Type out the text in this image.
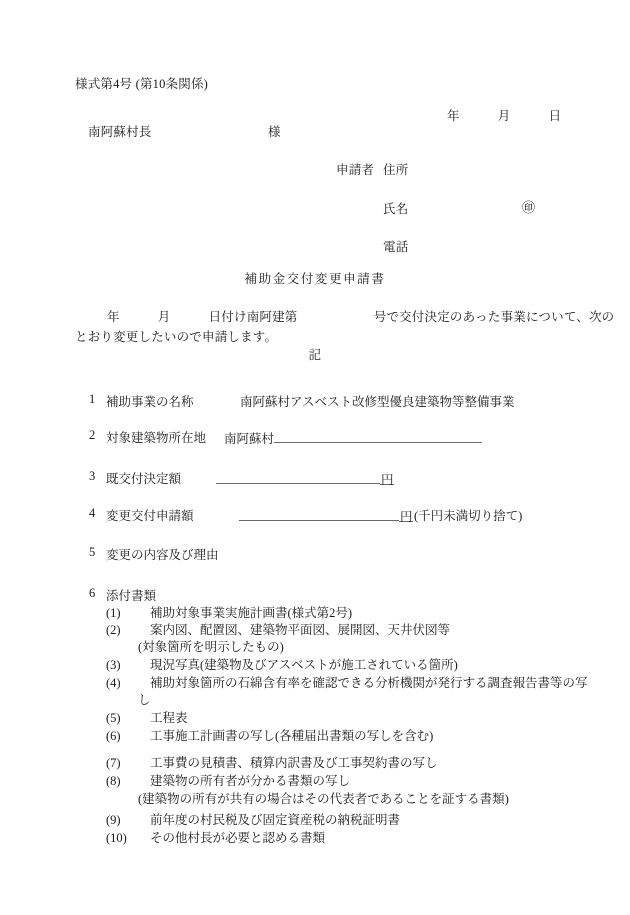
様式第4号 (第10条関係)
年　　　月　　　日
南阿蘇村長	様
申請者 住所
氏名	㊞
電話
補助金交付変更申請書
年　　　月　　　日付け南阿建第　　　　　　号で交付決定のあった事業について、次の
とおり変更したいので申請します。
記
1 補助事業の名称	南阿蘇村アスベスト改修型優良建築物等整備事業
2 対象建築物所在地 南阿蘇村
3 既交付決定額	円
4 変更交付申請額	円 (千円未満切り捨て)
5 変更の内容及び理由
6 添付書類
(1) 補助対象事業実施計画書(様式第2号)
(2) 案内図、配置図、建築物平面図、展開図、天井伏図等
(対象箇所を明示したもの)
(3) 現況写真(建築物及びアスベストが施工されている箇所)
(4) 補助対象箇所の石綿含有率を確認できる分析機関が発行する調査報告書等の写
し
(5) 工程表
(6) 工事施工計画書の写し(各種届出書類の写しを含む)
(7) 工事費の見積書、積算内訳書及び工事契約書の写し
(8) 建築物の所有者が分かる書類の写し
(建築物の所有が共有の場合はその代表者であることを証する書類)
(9) 前年度の村民税及び固定資産税の納税証明書
(10) その他村長が必要と認める書類
